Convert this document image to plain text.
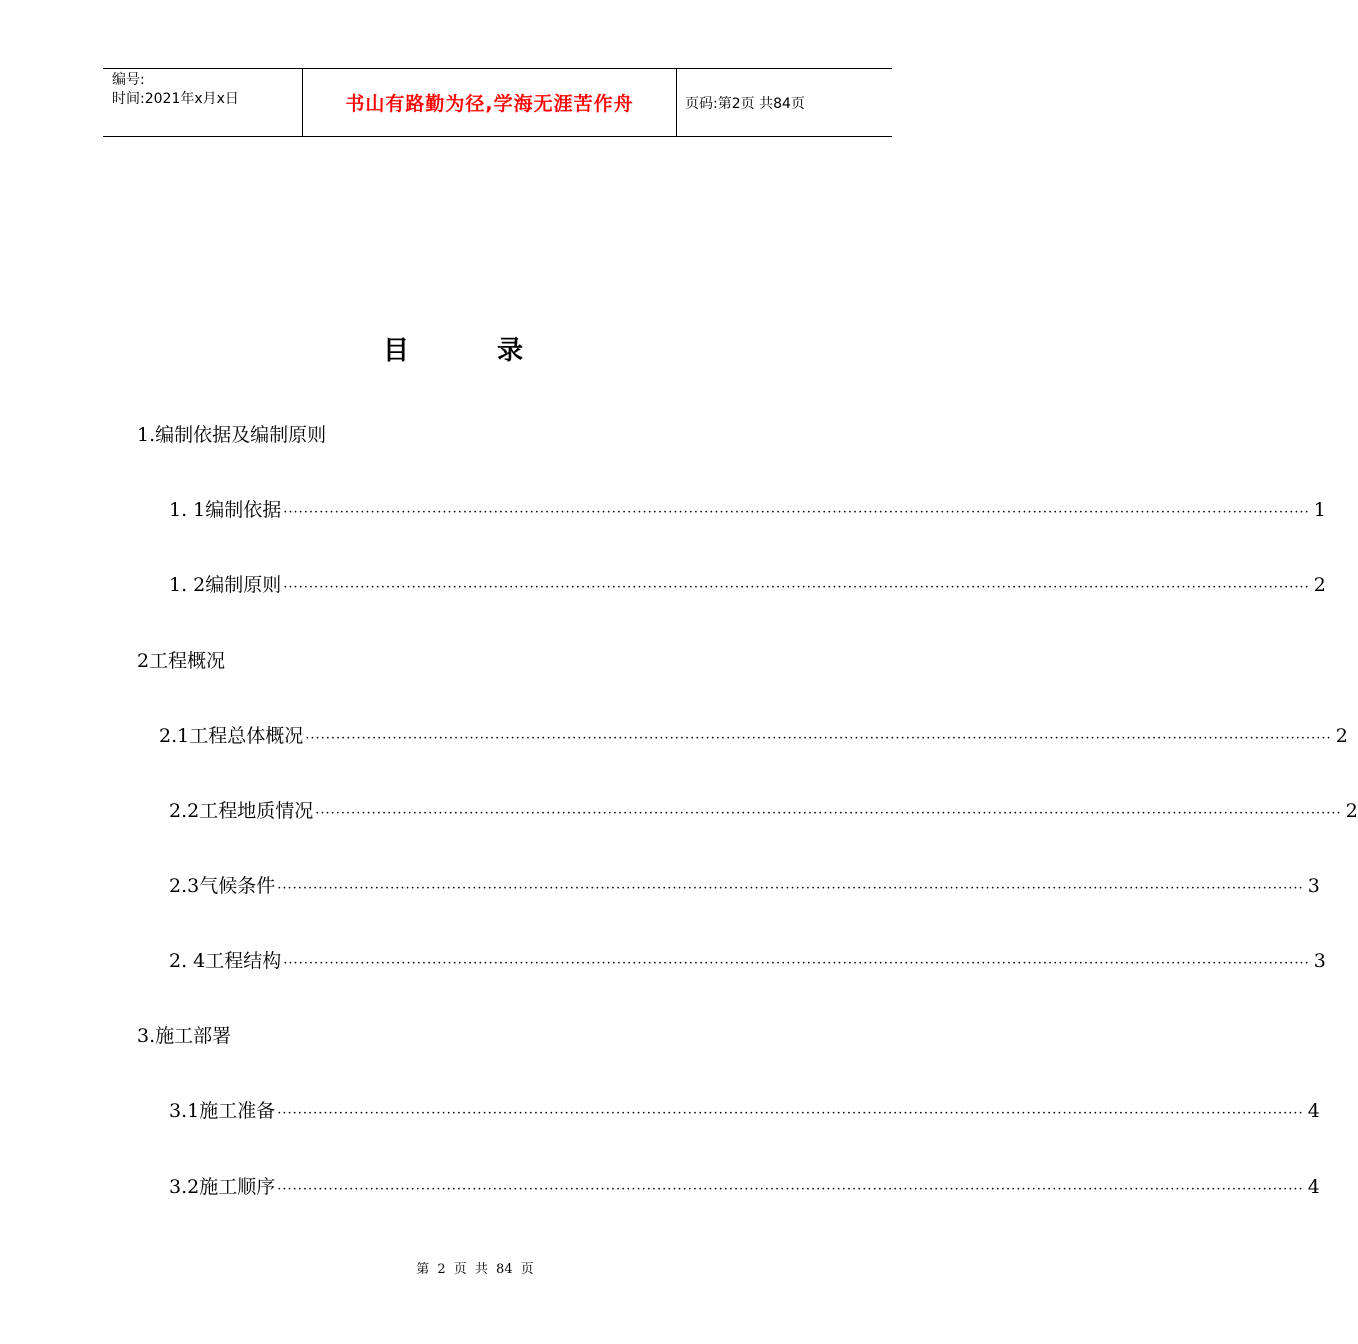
编号:
时间:2021年x月x日	书山有路勤为径,学海无涯苦作舟	页码:第2页 共84页
目录
1.编制依据及编制原则
1. 1编制依据 ········································································································································································································ 1
1. 2编制原则 ········································································································································································································ 2
2工程概况
2.1工程总体概况 ········································································································································································································ 2
2.2工程地质情况 ········································································································································································································ 2
2.3气候条件 ········································································································································································································ 3
2. 4工程结构 ········································································································································································································ 3
3.施工部署
3.1施工准备 ········································································································································································································ 4
3.2施工顺序 ········································································································································································································ 4
第 2 页 共 84 页
